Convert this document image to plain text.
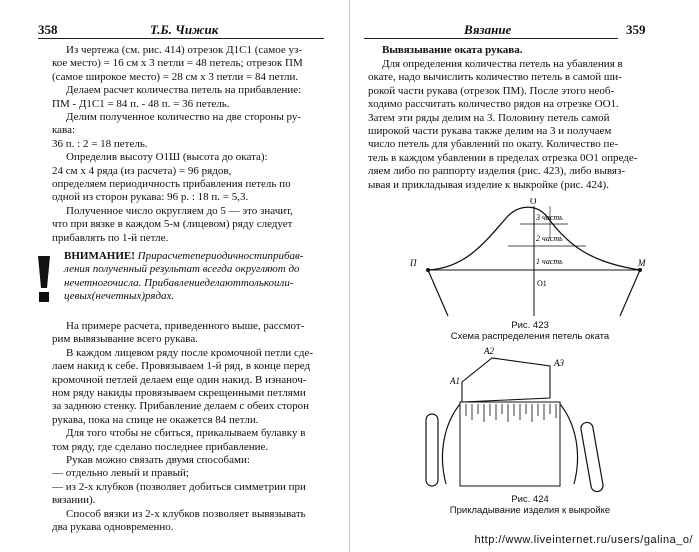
358	Т.Б. Чижик

Из чертежа (см. рис. 414) отрезок Д1С1 (самое уз-

кое место) = 16 см х 3 петли = 48 петель; отрезок ПМ

(самое широкое место) = 28 см х 3 петли = 84 петли.

Делаем расчет количества петель на прибавление:

ПМ - Д1С1 = 84 п. - 48 п. = 36 петель.

Делим полученное количество на две стороны ру-

кава:

36 п. : 2 = 18 петель.

Определив высоту О1Ш (высота до оката):

24 см х 4 ряда (из расчета) = 96 рядов,

определяем периодичность прибавления петель по

одной из сторон рукава: 96 р. : 18 п. = 5,3.

Полученное число округляем до 5 — это значит,

что при вязке в каждом 5-м (лицевом) ряду следует

прибавлять по 1-й петле.

ВНИМАНИЕ! Прирасчетепериодичностиприбав-
ления полученный результат всегда округляют до
нечетногочисла. Прибавлениеделаюттолькоили-
цевых(нечетных)рядах.

На примере расчета, приведенного выше, рассмот-

рим вывязывание всего рукава.

В каждом лицевом ряду после кромочной петли сде-

лаем накид к себе. Провязываем 1-й ряд, в конце перед

кромочной петлей делаем еще один накид. В изнаноч-

ном ряду накиды провязываем скрещенными петлями

за заднюю стенку. Прибавление делаем с обеих сторон

рукава, пока на спице не окажется 84 петли.

Для того чтобы не сбиться, прикалываем булавку в

том ряду, где сделано последнее прибавление.

Рукав можно связать двумя способами:

— отдельно левый и правый;

— из 2-х клубков (позволяет добиться симметрии при

вязании).

Способ вязки из 2-х клубков позволяет вывязывать

два рукава одновременно.

Вязание	359
Вывязывание оката рукава.

Для определения количества петель на убавления в

окате, надо вычислить количество петель в самой ши-

рокой части рукава (отрезок ПМ). После этого необ-

ходимо рассчитать количество рядов на отрезке ОО1.

Затем эти ряды делим на 3. Половину петель самой

широкой части рукава также делим на 3 и получаем

число петель для убавлений по окату. Количество пе-

тель в каждом убавлении в пределах отрезка 0О1 опреде-

ляем либо по раппорту изделия (рис. 423), либо вывяз-

ывая и прикладывая изделие к выкройке (рис. 424).

O
O1
П	M
3 часть
2 часть
1 часть
Рис. 423
Схема распределения петель оката
А1
А2
А3
Рис. 424
Прикладывание изделия к выкройке
http://www.liveinternet.ru/users/galina_o/
